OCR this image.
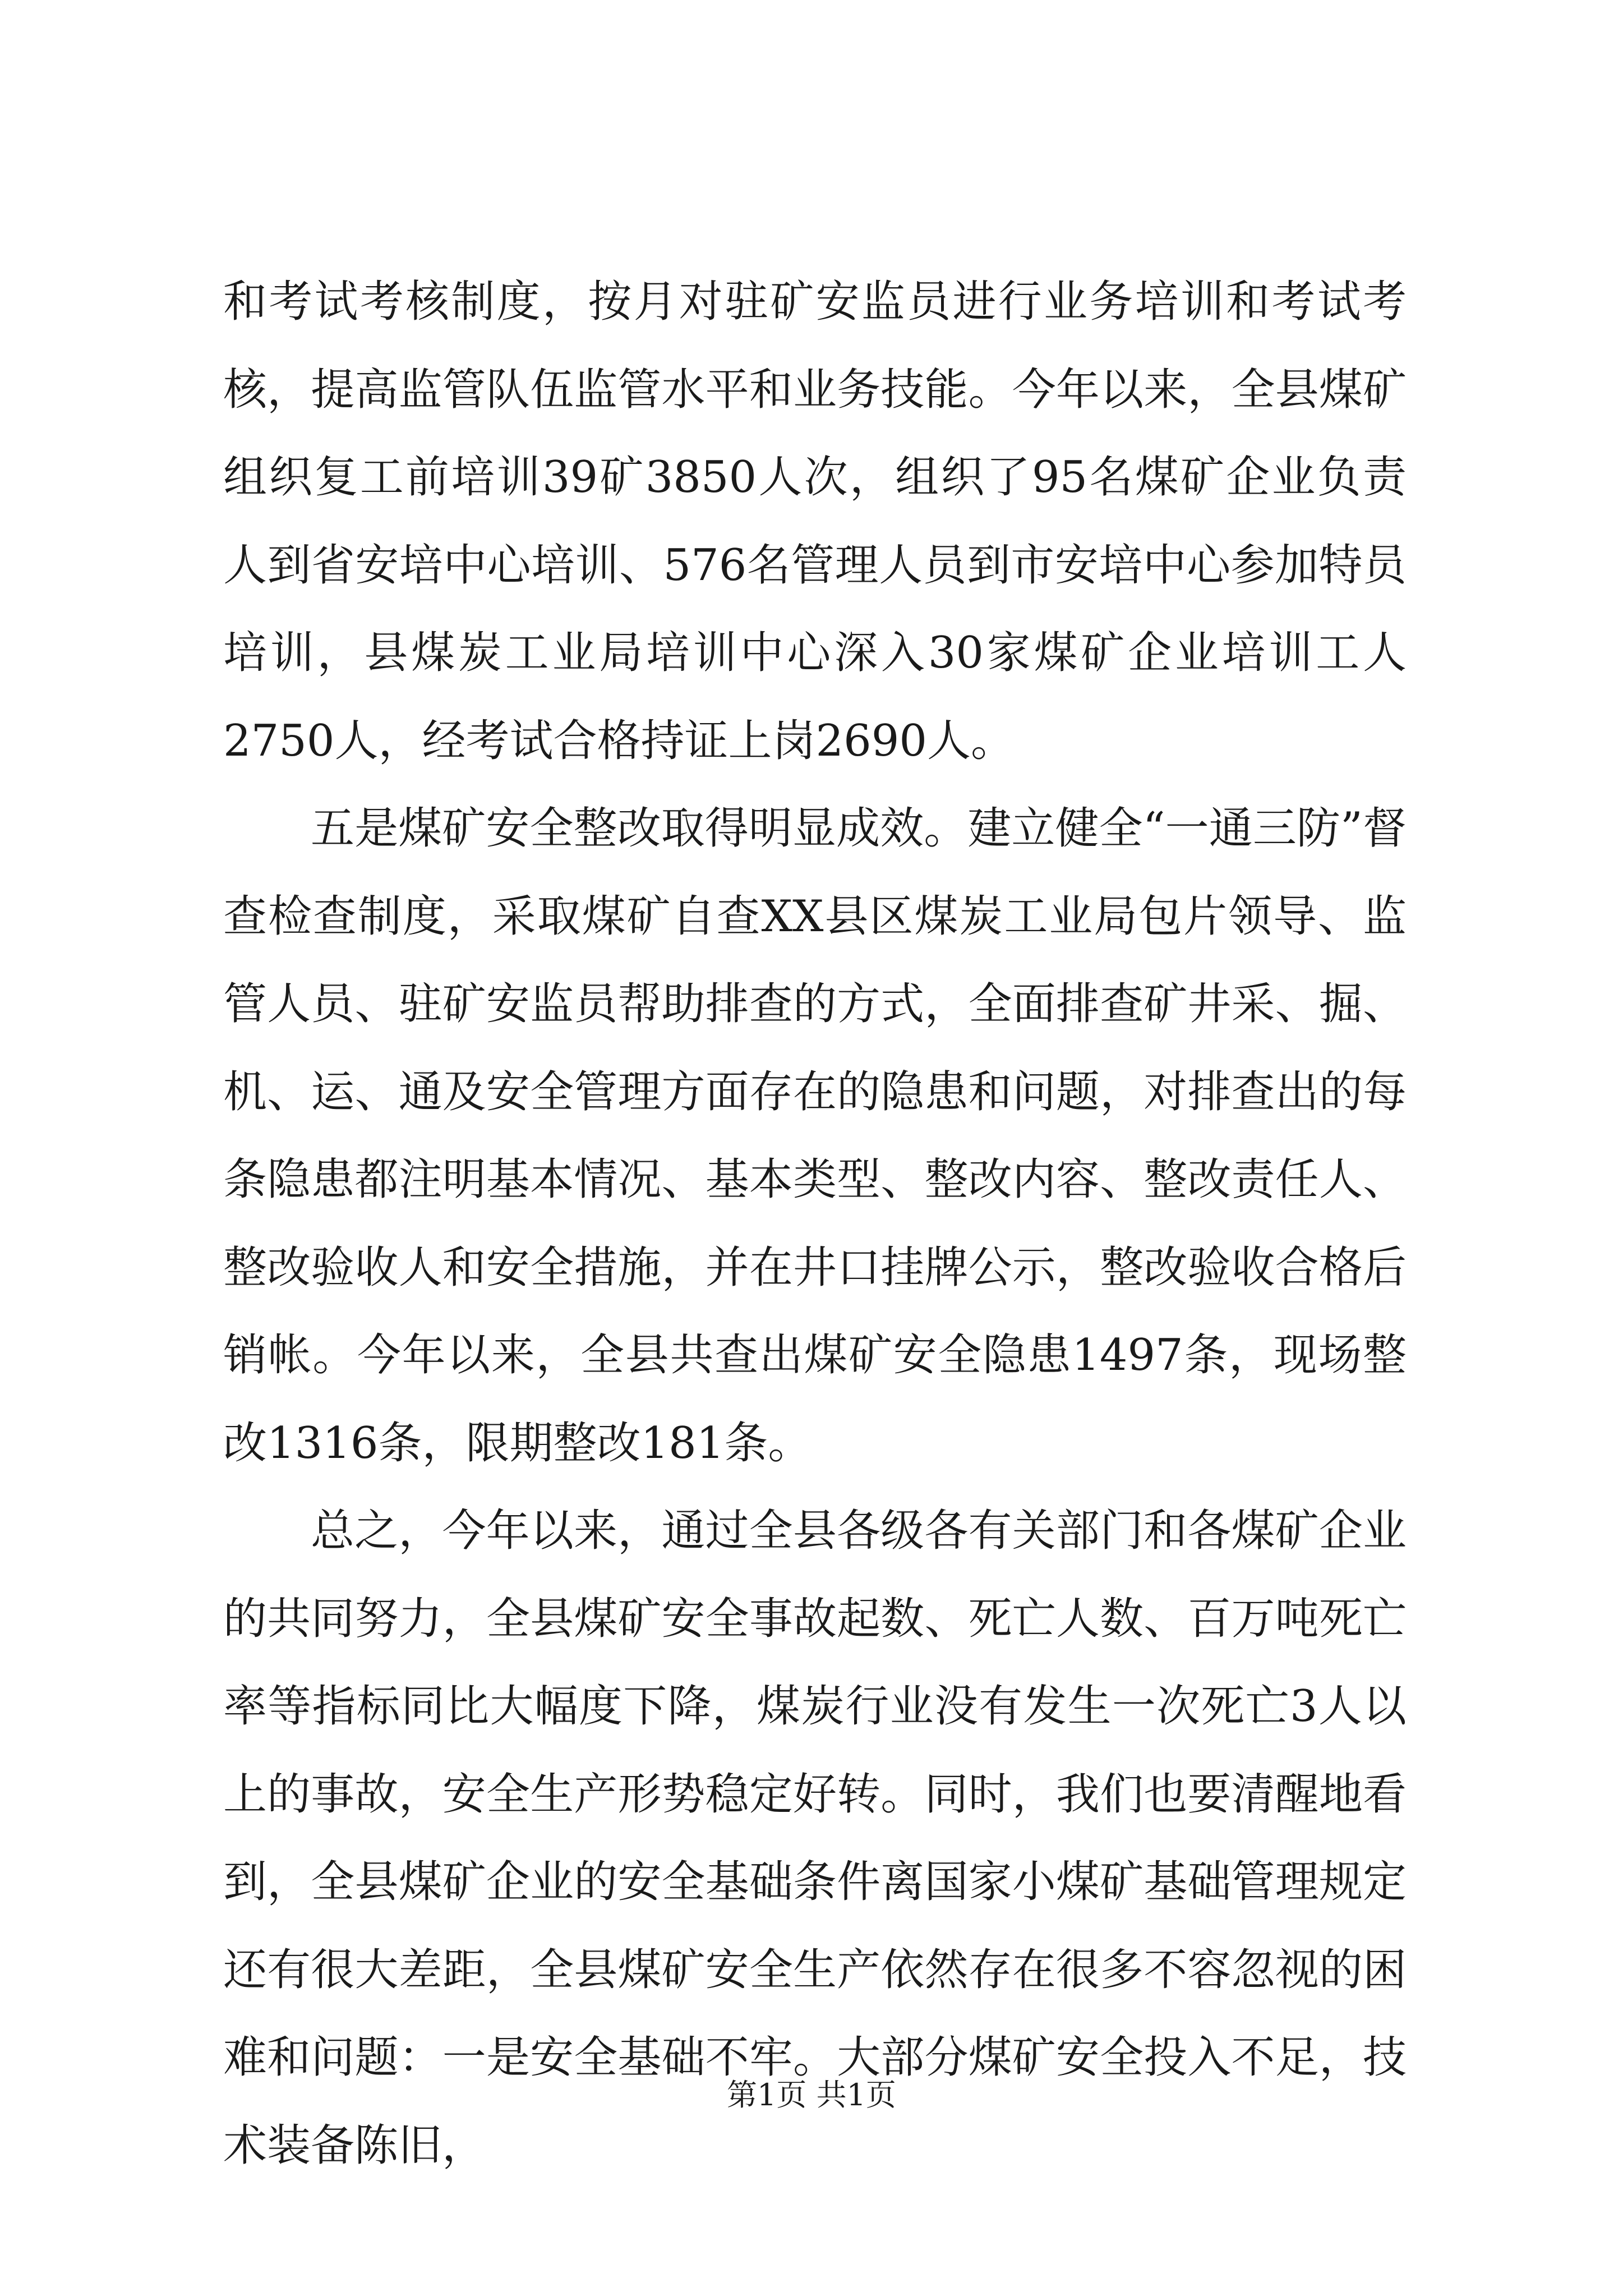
和考试考核制度，按月对驻矿安监员进行业务培训和考试考核，提高监管队伍监管水平和业务技能。今年以来，全县煤矿组织复工前培训39矿3850人次，组织了95名煤矿企业负责人到省安培中心培训、576名管理人员到市安培中心参加特员培训，县煤炭工业局培训中心深入30家煤矿企业培训工人2750人，经考试合格持证上岗2690人。

五是煤矿安全整改取得明显成效。建立健全“一通三防”督查检查制度，采取煤矿自查XX县区煤炭工业局包片领导、监管人员、驻矿安监员帮助排查的方式，全面排查矿井采、掘、机、运、通及安全管理方面存在的隐患和问题，对排查出的每条隐患都注明基本情况、基本类型、整改内容、整改责任人、整改验收人和安全措施，并在井口挂牌公示，整改验收合格后销帐。今年以来，全县共查出煤矿安全隐患1497条，现场整改1316条，限期整改181条。

总之，今年以来，通过全县各级各有关部门和各煤矿企业的共同努力，全县煤矿安全事故起数、死亡人数、百万吨死亡率等指标同比大幅度下降，煤炭行业没有发生一次死亡3人以上的事故，安全生产形势稳定好转。同时，我们也要清醒地看到，全县煤矿企业的安全基础条件离国家小煤矿基础管理规定还有很大差距，全县煤矿安全生产依然存在很多不容忽视的困难和问题：一是安全基础不牢。大部分煤矿安全投入不足，技术装备陈旧，

第1页 共1页
